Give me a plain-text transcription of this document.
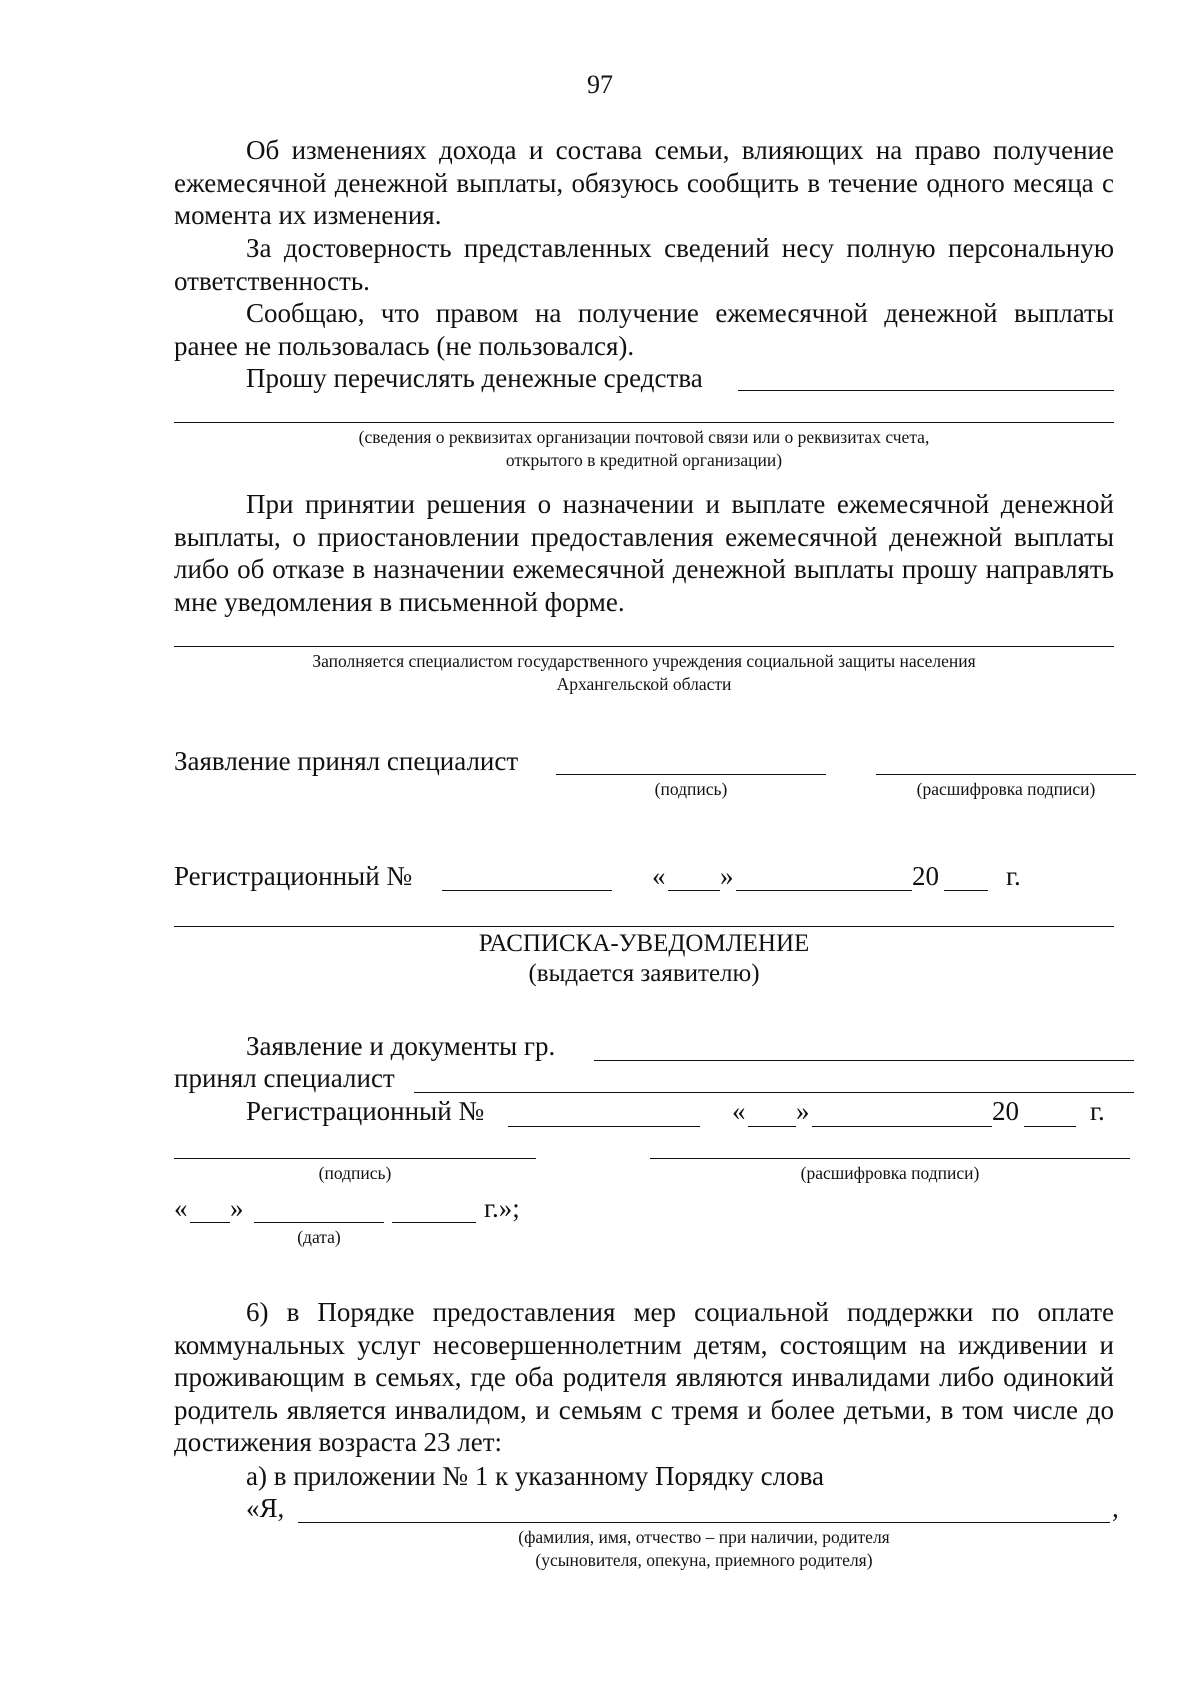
97

Об изменениях дохода и состава семьи, влияющих на право получение ежемесячной денежной выплаты, обязуюсь сообщить в течение одного месяца с момента их изменения.

За достоверность представленных сведений несу полную персональную ответственность.

Сообщаю, что правом на получение ежемесячной денежной выплаты ранее не пользовалась (не пользовался).

Прошу перечислять денежные средства
(сведения о реквизитах организации почтовой связи или о реквизитах счета,
открытого в кредитной организации)

При принятии решения о назначении и выплате ежемесячной денежной выплаты, о приостановлении предоставления ежемесячной денежной выплаты либо об отказе в назначении ежемесячной денежной выплаты прошу направлять мне уведомления в письменной форме.

Заполняется специалистом государственного учреждения социальной защиты населения
Архангельской области
Заявление принял специалист
(подпись)	(расшифровка подписи)
Регистрационный №	« »	20 г.
РАСПИСКА-УВЕДОМЛЕНИЕ
(выдается заявителю)
Заявление и документы гр.
принял специалист
Регистрационный №	« »	20	г.
(подпись)	(расшифровка подписи)
« »	г.»;
(дата)

6) в Порядке предоставления мер социальной поддержки по оплате коммунальных услуг несовершеннолетним детям, состоящим на иждивении и проживающим в семьях, где оба родителя являются инвалидами либо одинокий родитель является инвалидом, и семьям с тремя и более детьми, в том числе до достижения возраста 23 лет:

а) в приложении № 1 к указанному Порядку слова
«Я,	,
(фамилия, имя, отчество – при наличии, родителя
(усыновителя, опекуна, приемного родителя)
